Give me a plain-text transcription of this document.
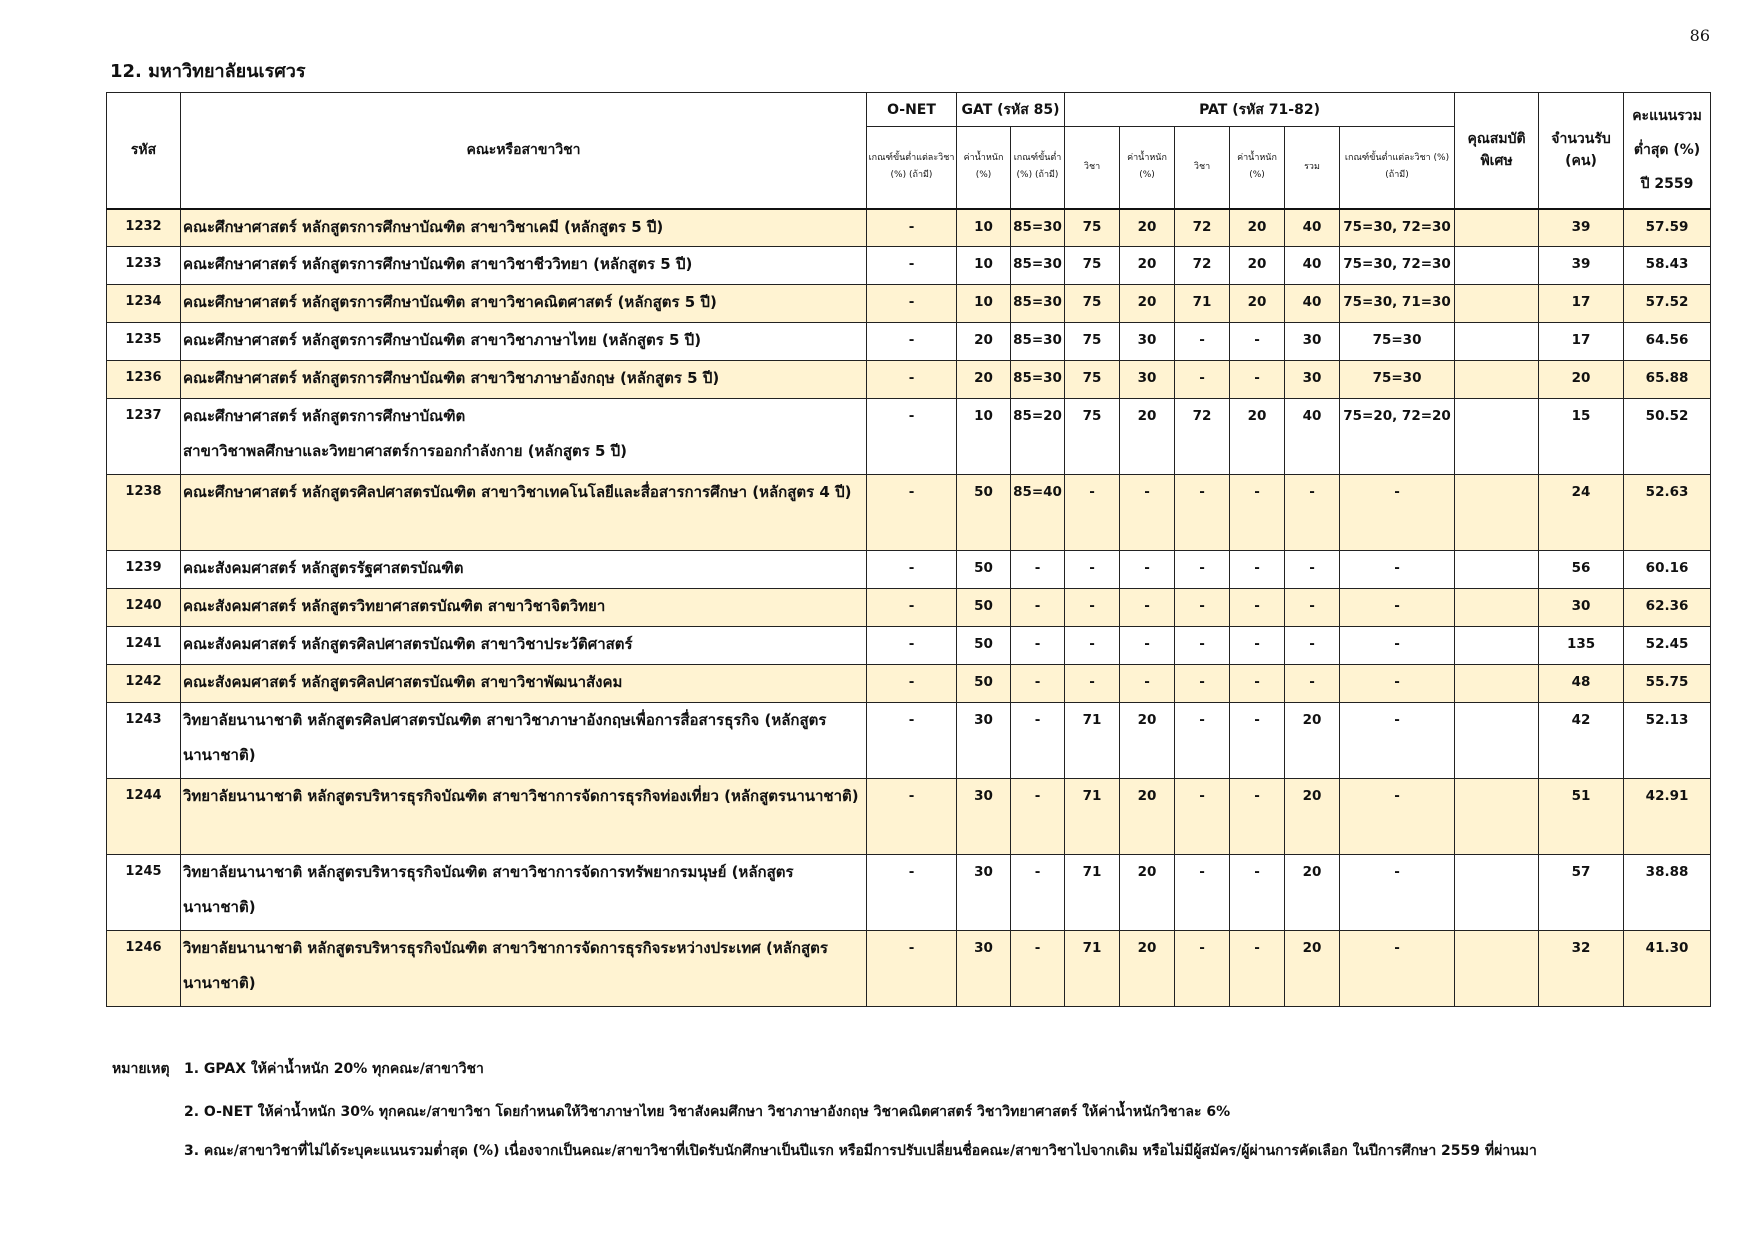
86
12. มหาวิทยาลัยนเรศวร
รหัส	คณะหรือสาขาวิชา	O-NET	GAT (รหัส 85)		PAT (รหัส 71-82)						คุณสมบัติ พิเศษ	จำนวนรับ (คน)	คะแนนรวม
ต่ำสุด (%)
ปี 2559

		เกณฑ์ขั้นต่ำแต่ละวิชา (%) (ถ้ามี)	ค่าน้ำหนัก (%)	เกณฑ์ขั้นต่ำ (%) (ถ้ามี)	วิชา	ค่าน้ำหนัก (%)	วิชา	ค่าน้ำหนัก (%)	รวม	เกณฑ์ขั้นต่ำแต่ละวิชา (%) (ถ้ามี)			
1232	คณะศึกษาศาสตร์ หลักสูตรการศึกษาบัณฑิต สาขาวิชาเคมี (หลักสูตร 5 ปี)	-	10	85=30	75	20	72	20	40	75=30, 72=30		39	57.59
1233	คณะศึกษาศาสตร์ หลักสูตรการศึกษาบัณฑิต สาขาวิชาชีววิทยา (หลักสูตร 5 ปี)	-	10	85=30	75	20	72	20	40	75=30, 72=30		39	58.43
1234	คณะศึกษาศาสตร์ หลักสูตรการศึกษาบัณฑิต สาขาวิชาคณิตศาสตร์ (หลักสูตร 5 ปี)	-	10	85=30	75	20	71	20	40	75=30, 71=30		17	57.52
1235	คณะศึกษาศาสตร์ หลักสูตรการศึกษาบัณฑิต สาขาวิชาภาษาไทย (หลักสูตร 5 ปี)	-	20	85=30	75	30	-	-	30	75=30		17	64.56
1236	คณะศึกษาศาสตร์ หลักสูตรการศึกษาบัณฑิต สาขาวิชาภาษาอังกฤษ (หลักสูตร 5 ปี)	-	20	85=30	75	30	-	-	30	75=30		20	65.88
1237	คณะศึกษาศาสตร์ หลักสูตรการศึกษาบัณฑิต
สาขาวิชาพลศึกษาและวิทยาศาสตร์การออกกำลังกาย (หลักสูตร 5 ปี)	-	10	85=20	75	20	72	20	40	75=20, 72=20		15	50.52
1238	คณะศึกษาศาสตร์ หลักสูตรศิลปศาสตรบัณฑิต สาขาวิชาเทคโนโลยีและสื่อสารการศึกษา (หลักสูตร 4 ปี)	-	50	85=40	-	-	-	-	-	-		24	52.63
1239	คณะสังคมศาสตร์ หลักสูตรรัฐศาสตรบัณฑิต	-	50	-	-	-	-	-	-	-		56	60.16
1240	คณะสังคมศาสตร์ หลักสูตรวิทยาศาสตรบัณฑิต สาขาวิชาจิตวิทยา	-	50	-	-	-	-	-	-	-		30	62.36
1241	คณะสังคมศาสตร์ หลักสูตรศิลปศาสตรบัณฑิต สาขาวิชาประวัติศาสตร์	-	50	-	-	-	-	-	-	-		135	52.45
1242	คณะสังคมศาสตร์ หลักสูตรศิลปศาสตรบัณฑิต สาขาวิชาพัฒนาสังคม	-	50	-	-	-	-	-	-	-		48	55.75
1243	วิทยาลัยนานาชาติ หลักสูตรศิลปศาสตรบัณฑิต สาขาวิชาภาษาอังกฤษเพื่อการสื่อสารธุรกิจ (หลักสูตร
นานาชาติ)	-	30	-	71	20	-	-	20	-		42	52.13
1244	วิทยาลัยนานาชาติ หลักสูตรบริหารธุรกิจบัณฑิต สาขาวิชาการจัดการธุรกิจท่องเที่ยว (หลักสูตรนานาชาติ)	-	30	-	71	20	-	-	20	-		51	42.91
1245	วิทยาลัยนานาชาติ หลักสูตรบริหารธุรกิจบัณฑิต สาขาวิชาการจัดการทรัพยากรมนุษย์ (หลักสูตรนานาชาติ)	-	30	-	71	20	-	-	20	-		57	38.88
1246	วิทยาลัยนานาชาติ หลักสูตรบริหารธุรกิจบัณฑิต สาขาวิชาการจัดการธุรกิจระหว่างประเทศ (หลักสูตร
นานาชาติ)	-	30	-	71	20	-	-	20	-		32	41.30
หมายเหตุ	1. GPAX ให้ค่าน้ำหนัก 20% ทุกคณะ/สาขาวิชา
2. O-NET ให้ค่าน้ำหนัก 30% ทุกคณะ/สาขาวิชา โดยกำหนดให้วิชาภาษาไทย วิชาสังคมศึกษา วิชาภาษาอังกฤษ วิชาคณิตศาสตร์ วิชาวิทยาศาสตร์ ให้ค่าน้ำหนักวิชาละ 6%
3. คณะ/สาขาวิชาที่ไม่ได้ระบุคะแนนรวมต่ำสุด (%) เนื่องจากเป็นคณะ/สาขาวิชาที่เปิดรับนักศึกษาเป็นปีแรก หรือมีการปรับเปลี่ยนชื่อคณะ/สาขาวิชาไปจากเดิม หรือไม่มีผู้สมัคร/ผู้ผ่านการคัดเลือก ในปีการศึกษา 2559 ที่ผ่านมา
